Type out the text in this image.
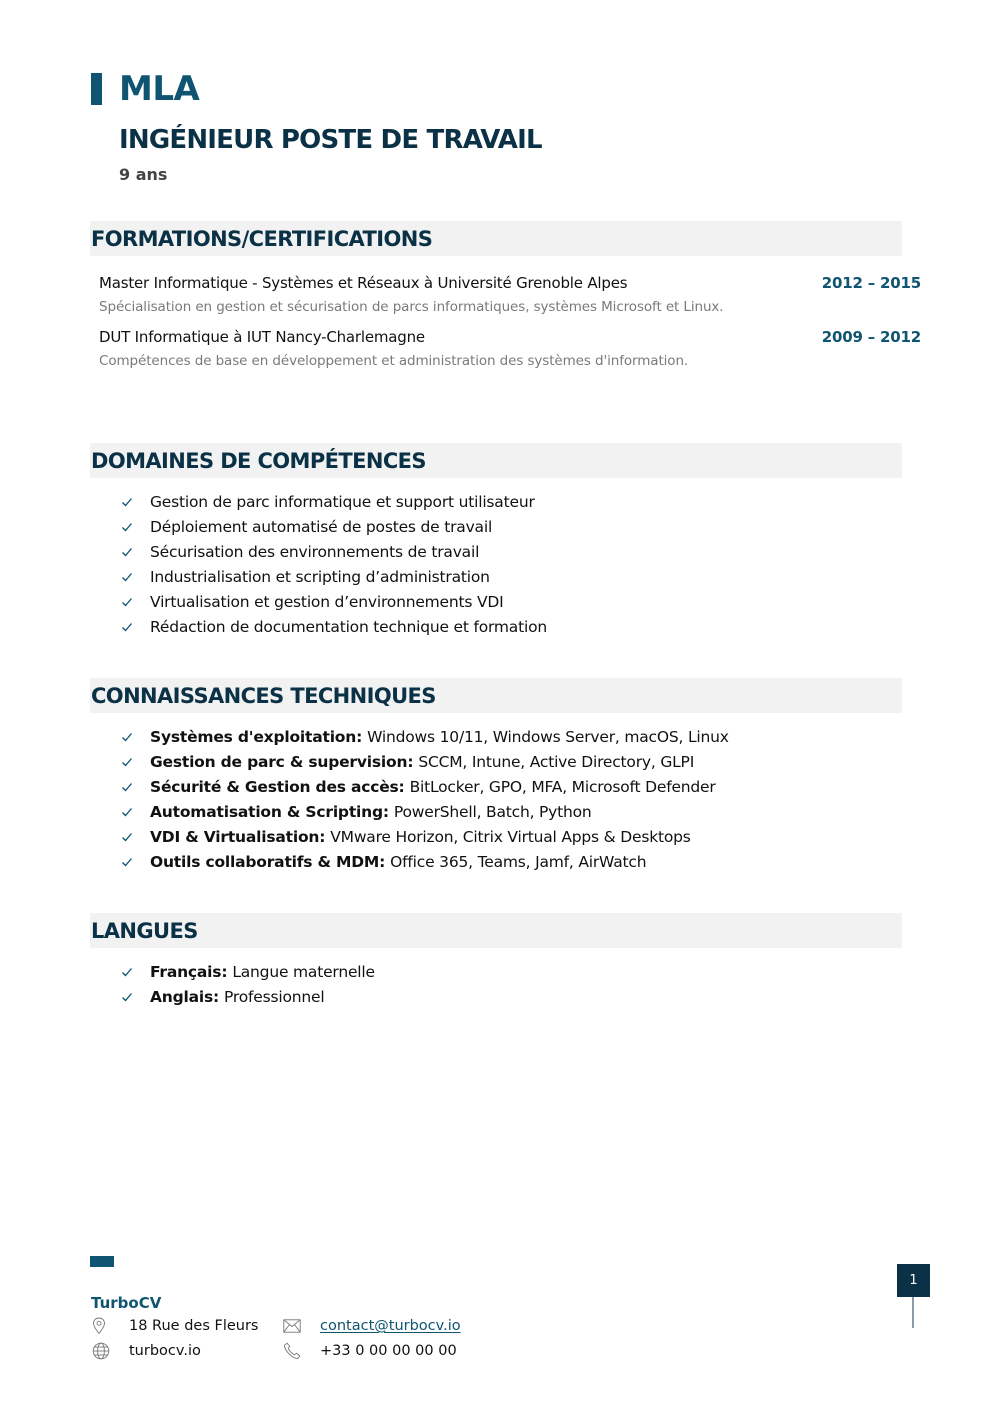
MLA
INGÉNIEUR POSTE DE TRAVAIL
9 ans
FORMATIONS/CERTIFICATIONS
Master Informatique - Systèmes et Réseaux à Université Grenoble Alpes	2012 – 2015
Spécialisation en gestion et sécurisation de parcs informatiques, systèmes Microsoft et Linux.
DUT Informatique à IUT Nancy-Charlemagne	2009 – 2012
Compétences de base en développement et administration des systèmes d'information.
DOMAINES DE COMPÉTENCES
Gestion de parc informatique et support utilisateur
Déploiement automatisé de postes de travail
Sécurisation des environnements de travail
Industrialisation et scripting d’administration
Virtualisation et gestion d’environnements VDI
Rédaction de documentation technique et formation
CONNAISSANCES TECHNIQUES
Systèmes d'exploitation: Windows 10/11, Windows Server, macOS, Linux
Gestion de parc & supervision: SCCM, Intune, Active Directory, GLPI
Sécurité & Gestion des accès: BitLocker, GPO, MFA, Microsoft Defender
Automatisation & Scripting: PowerShell, Batch, Python
VDI & Virtualisation: VMware Horizon, Citrix Virtual Apps & Desktops
Outils collaboratifs & MDM: Office 365, Teams, Jamf, AirWatch
LANGUES
Français: Langue maternelle
Anglais: Professionnel
TurboCV
18 Rue des Fleurs
turbocv.io
contact@turbocv.io
+33 0 00 00 00 00
1
